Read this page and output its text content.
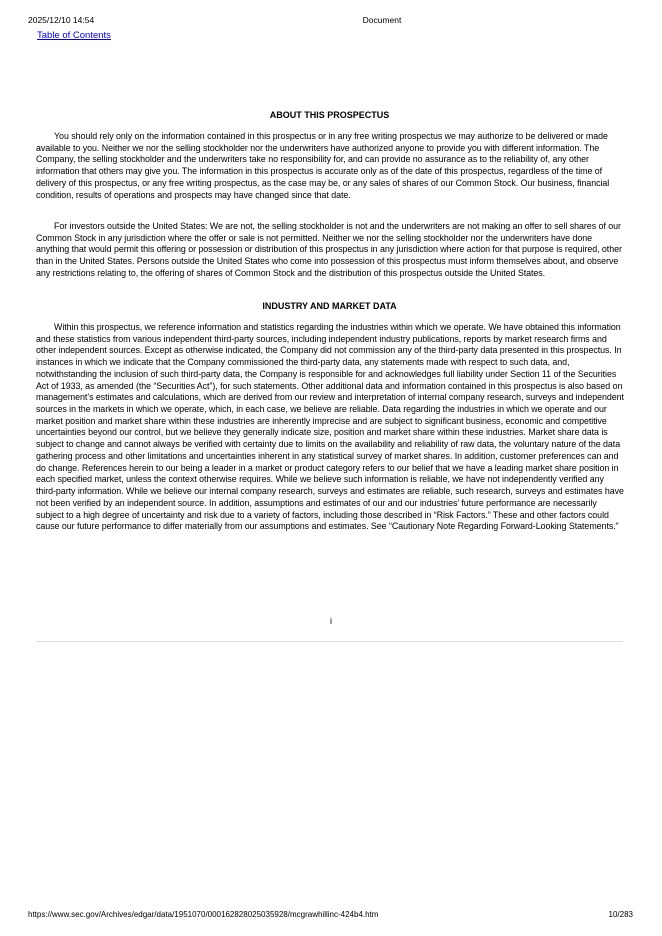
2025/12/10 14:54	Document
Table of Contents
ABOUT THIS PROSPECTUS

You should rely only on the information contained in this prospectus or in any free writing prospectus we may authorize to be delivered or made available to you. Neither we nor the selling stockholder nor the underwriters have authorized anyone to provide you with different information. The Company, the selling stockholder and the underwriters take no responsibility for, and can provide no assurance as to the reliability of, any other information that others may give you. The information in this prospectus is accurate only as of the date of this prospectus, regardless of the time of delivery of this prospectus, or any free writing prospectus, as the case may be, or any sales of shares of our Common Stock. Our business, financial condition, results of operations and prospects may have changed since that date.

For investors outside the United States: We are not, the selling stockholder is not and the underwriters are not making an offer to sell shares of our Common Stock in any jurisdiction where the offer or sale is not permitted. Neither we nor the selling stockholder nor the underwriters have done anything that would permit this offering or possession or distribution of this prospectus in any jurisdiction where action for that purpose is required, other than in the United States. Persons outside the United States who come into possession of this prospectus must inform themselves about, and observe any restrictions relating to, the offering of shares of Common Stock and the distribution of this prospectus outside the United States.

INDUSTRY AND MARKET DATA

Within this prospectus, we reference information and statistics regarding the industries within which we operate. We have obtained this information and these statistics from various independent third-party sources, including independent industry publications, reports by market research firms and other independent sources. Except as otherwise indicated, the Company did not commission any of the third-party data presented in this prospectus. In instances in which we indicate that the Company commissioned the third-party data, any statements made with respect to such data, and, notwithstanding the inclusion of such third-party data, the Company is responsible for and acknowledges full liability under Section 11 of the Securities Act of 1933, as amended (the “Securities Act”), for such statements. Other additional data and information contained in this prospectus is also based on management’s estimates and calculations, which are derived from our review and interpretation of internal company research, surveys and independent sources in the markets in which we operate, which, in each case, we believe are reliable. Data regarding the industries in which we operate and our market position and market share within these industries are inherently imprecise and are subject to significant business, economic and competitive uncertainties beyond our control, but we believe they generally indicate size, position and market share within these industries. Market share data is subject to change and cannot always be verified with certainty due to limits on the availability and reliability of raw data, the voluntary nature of the data gathering process and other limitations and uncertainties inherent in any statistical survey of market shares. In addition, customer preferences can and do change. References herein to our being a leader in a market or product category refers to our belief that we have a leading market share position in each specified market, unless the context otherwise requires. While we believe such information is reliable, we have not independently verified any third-party information. While we believe our internal company research, surveys and estimates are reliable, such research, surveys and estimates have not been verified by an independent source. In addition, assumptions and estimates of our and our industries’ future performance are necessarily subject to a high degree of uncertainty and risk due to a variety of factors, including those described in “Risk Factors.” These and other factors could cause our future performance to differ materially from our assumptions and estimates. See “Cautionary Note Regarding Forward-Looking Statements.”

i
https://www.sec.gov/Archives/edgar/data/1951070/000162828025035928/mcgrawhillinc-424b4.htm	10/283
